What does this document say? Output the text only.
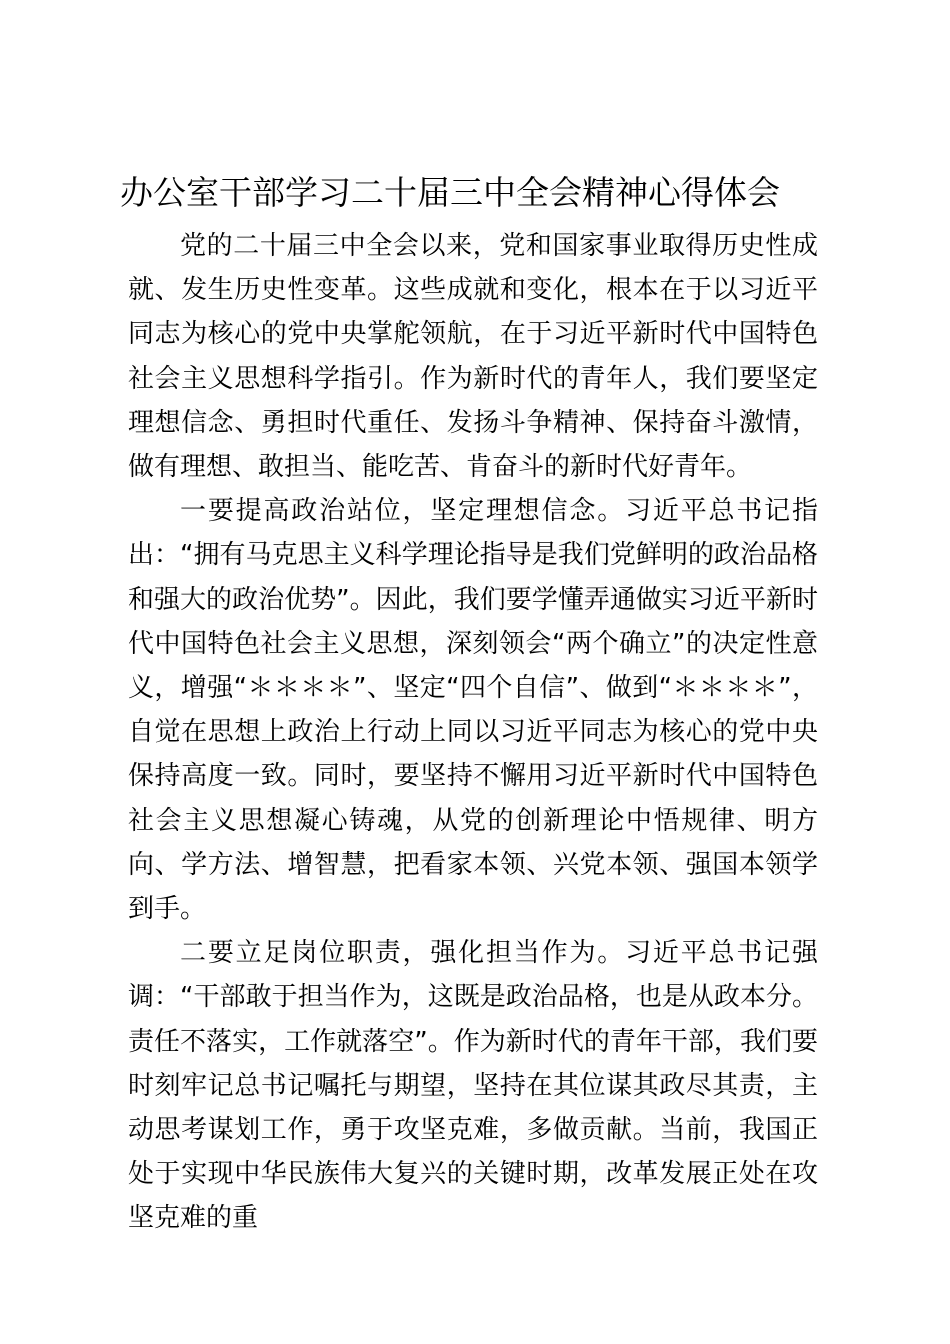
办公室干部学习二十届三中全会精神心得体会

党的二十届三中全会以来，党和国家事业取得历史性成就、发生历史性变革。这些成就和变化，根本在于以习近平同志为核心的党中央掌舵领航，在于习近平新时代中国特色社会主义思想科学指引。作为新时代的青年人，我们要坚定理想信念、勇担时代重任、发扬斗争精神、保持奋斗激情，做有理想、敢担当、能吃苦、肯奋斗的新时代好青年。

一要提高政治站位，坚定理想信念。习近平总书记指出：“拥有马克思主义科学理论指导是我们党鲜明的政治品格和强大的政治优势”。因此，我们要学懂弄通做实习近平新时代中国特色社会主义思想，深刻领会“两个确立”的决定性意义，增强“＊＊＊＊”、坚定“四个自信”、做到“＊＊＊＊”，自觉在思想上政治上行动上同以习近平同志为核心的党中央保持高度一致。同时，要坚持不懈用习近平新时代中国特色社会主义思想凝心铸魂，从党的创新理论中悟规律、明方向、学方法、增智慧，把看家本领、兴党本领、强国本领学到手。

二要立足岗位职责，强化担当作为。习近平总书记强调：“干部敢于担当作为，这既是政治品格，也是从政本分。责任不落实，工作就落空”。作为新时代的青年干部，我们要时刻牢记总书记嘱托与期望，坚持在其位谋其政尽其责，主动思考谋划工作，勇于攻坚克难，多做贡献。当前，我国正处于实现中华民族伟大复兴的关键时期，改革发展正处在攻坚克难的重
